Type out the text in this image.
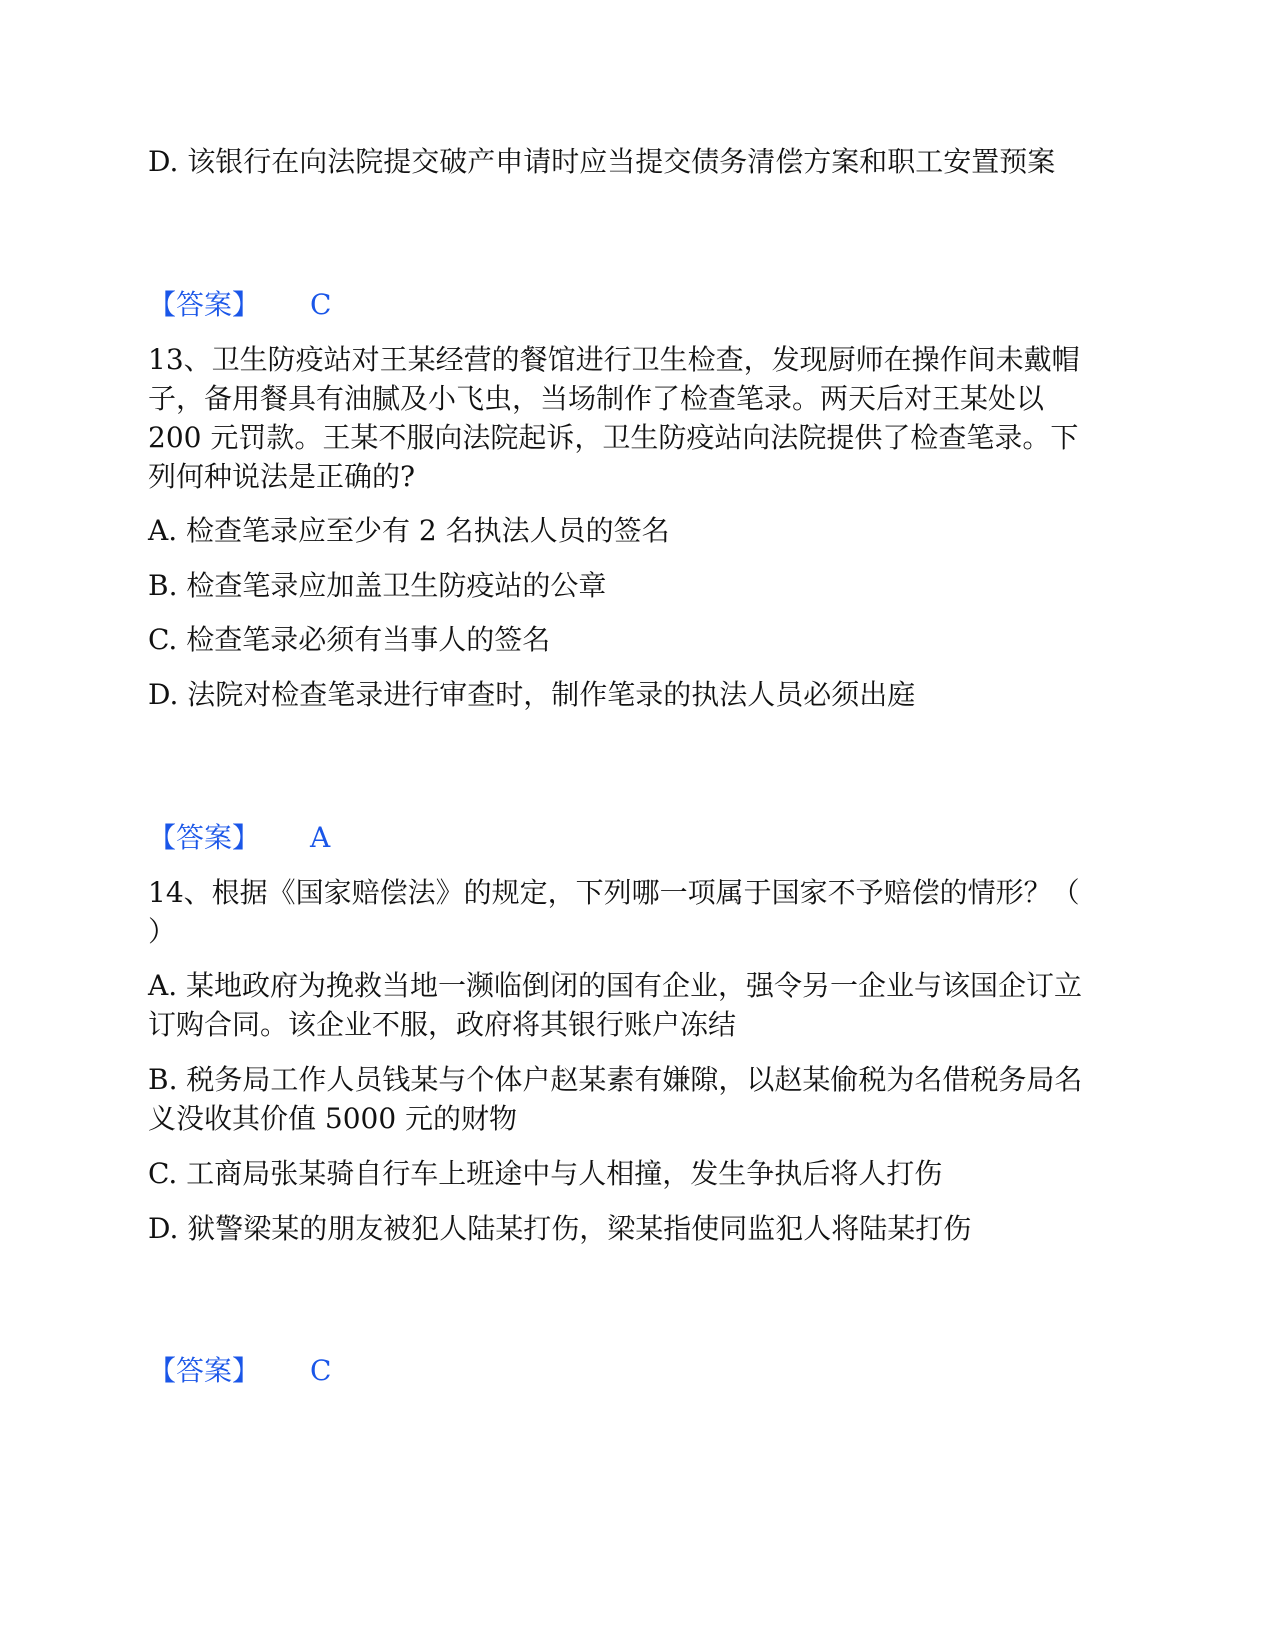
D. 该银行在向法院提交破产申请时应当提交债务清偿方案和职工安置预案
【答案】 C
13、卫生防疫站对王某经营的餐馆进行卫生检查，发现厨师在操作间未戴帽
子，备用餐具有油腻及小飞虫，当场制作了检查笔录。两天后对王某处以
200 元罚款。王某不服向法院起诉，卫生防疫站向法院提供了检查笔录。下
列何种说法是正确的?
A. 检查笔录应至少有 2 名执法人员的签名
B. 检查笔录应加盖卫生防疫站的公章
C. 检查笔录必须有当事人的签名
D. 法院对检查笔录进行审查时，制作笔录的执法人员必须出庭
【答案】 A
14、根据《国家赔偿法》的规定，下列哪一项属于国家不予赔偿的情形？（
）
A. 某地政府为挽救当地一濒临倒闭的国有企业，强令另一企业与该国企订立
订购合同。该企业不服，政府将其银行账户冻结
B. 税务局工作人员钱某与个体户赵某素有嫌隙，以赵某偷税为名借税务局名
义没收其价值 5000 元的财物
C. 工商局张某骑自行车上班途中与人相撞，发生争执后将人打伤
D. 狱警梁某的朋友被犯人陆某打伤，梁某指使同监犯人将陆某打伤
【答案】 C
